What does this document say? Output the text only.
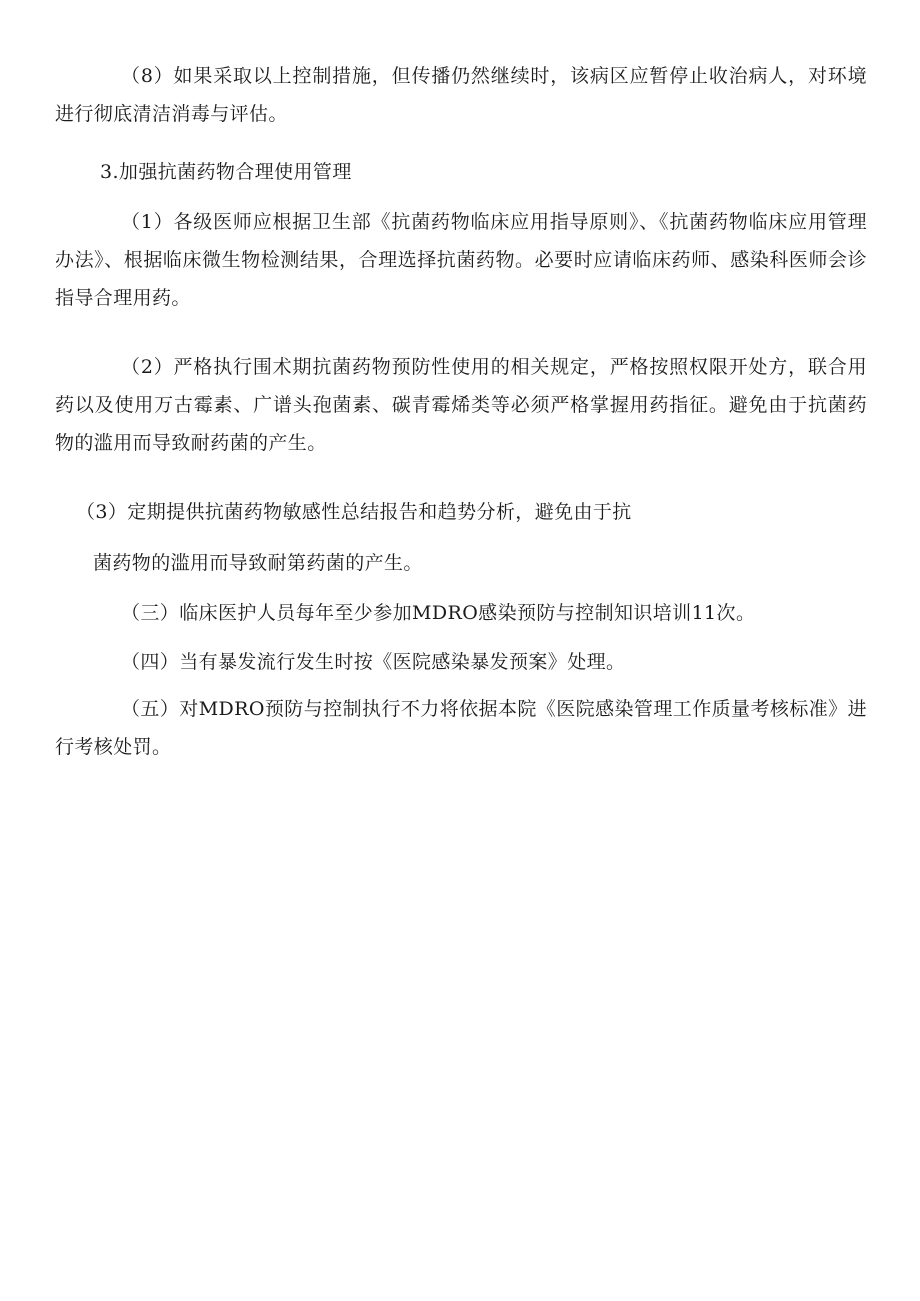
（8）如果采取以上控制措施，但传播仍然继续时，该病区应暂停止收治病人，对环境进行彻底清洁消毒与评估。

3.加强抗菌药物合理使用管理

（1）各级医师应根据卫生部《抗菌药物临床应用指导原则》、《抗菌药物临床应用管理办法》、根据临床微生物检测结果，合理选择抗菌药物。必要时应请临床药师、感染科医师会诊指导合理用药。

（2）严格执行围术期抗菌药物预防性使用的相关规定，严格按照权限开处方，联合用药以及使用万古霉素、广谱头孢菌素、碳青霉烯类等必须严格掌握用药指征。避免由于抗菌药物的滥用而导致耐药菌的产生。

（3）定期提供抗菌药物敏感性总结报告和趋势分析，避免由于抗

菌药物的滥用而导致耐第药菌的产生。

（三）临床医护人员每年至少参加MDRO感染预防与控制知识培训11次。

（四）当有暴发流行发生时按《医院感染暴发预案》处理。

（五）对MDRO预防与控制执行不力将依据本院《医院感染管理工作质量考核标准》进行考核处罚。
